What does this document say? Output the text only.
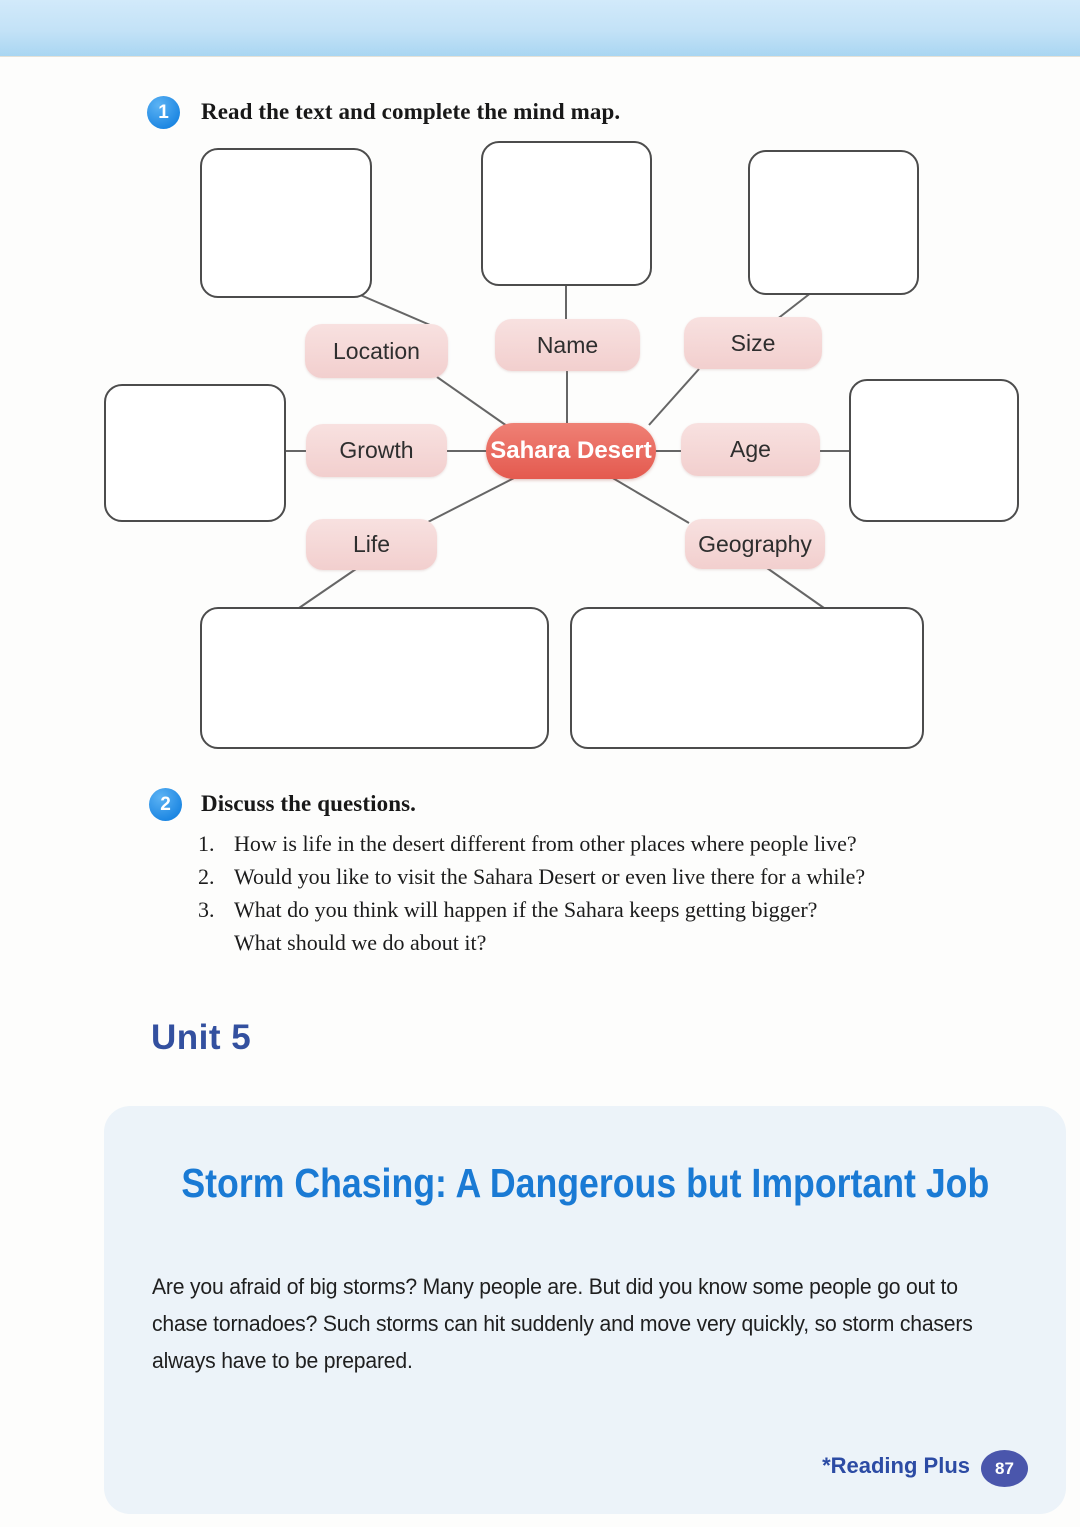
1	Read the text and complete the mind map.
Location	Name	Size
Growth	Age
Life	Geography
Sahara Desert
2	Discuss the questions.
1. How is life in the desert different from other places where people live?
2. Would you like to visit the Sahara Desert or even live there for a while?
3. What do you think will happen if the Sahara keeps getting bigger?
What should we do about it?
Unit 5
Storm Chasing: A Dangerous but Important Job
Are you afraid of big storms? Many people are. But did you know some people go out to chase tornadoes? Such storms can hit suddenly and move very quickly, so storm chasers always have to be prepared.
*Reading Plus	87
